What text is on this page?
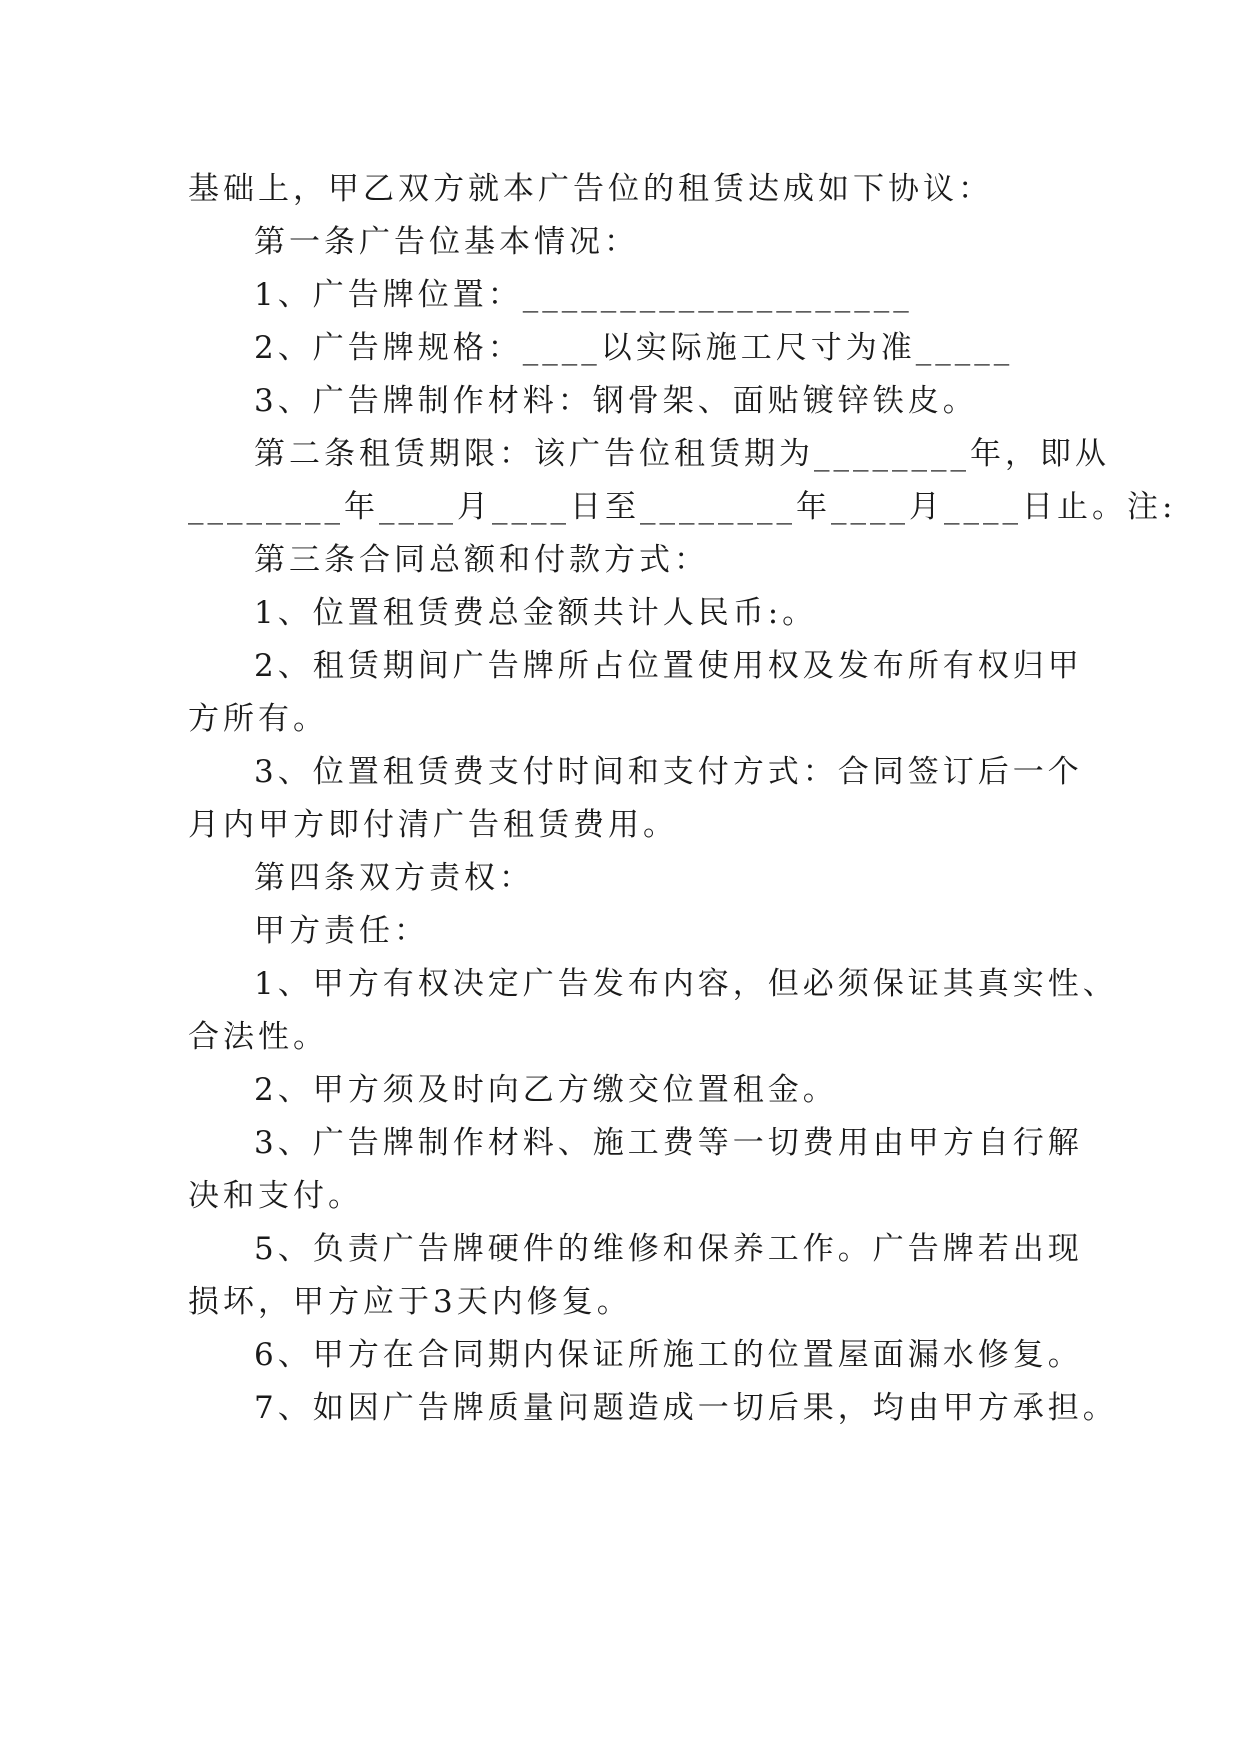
基础上，甲乙双方就本广告位的租赁达成如下协议：
第一条广告位基本情况：
1、广告牌位置：____________________
2、广告牌规格：____以实际施工尺寸为准_____
3、广告牌制作材料：钢骨架、面贴镀锌铁皮。
第二条租赁期限：该广告位租赁期为________年，即从
________年____月____日至________年____月____日止。注:
第三条合同总额和付款方式：
1、位置租赁费总金额共计人民币:。
2、租赁期间广告牌所占位置使用权及发布所有权归甲
方所有。
3、位置租赁费支付时间和支付方式：合同签订后一个
月内甲方即付清广告租赁费用。
第四条双方责权：
甲方责任：
1、甲方有权决定广告发布内容，但必须保证其真实性、
合法性。
2、甲方须及时向乙方缴交位置租金。
3、广告牌制作材料、施工费等一切费用由甲方自行解
决和支付。
5、负责广告牌硬件的维修和保养工作。广告牌若出现
损坏，甲方应于3天内修复。
6、甲方在合同期内保证所施工的位置屋面漏水修复。
7、如因广告牌质量问题造成一切后果，均由甲方承担。
